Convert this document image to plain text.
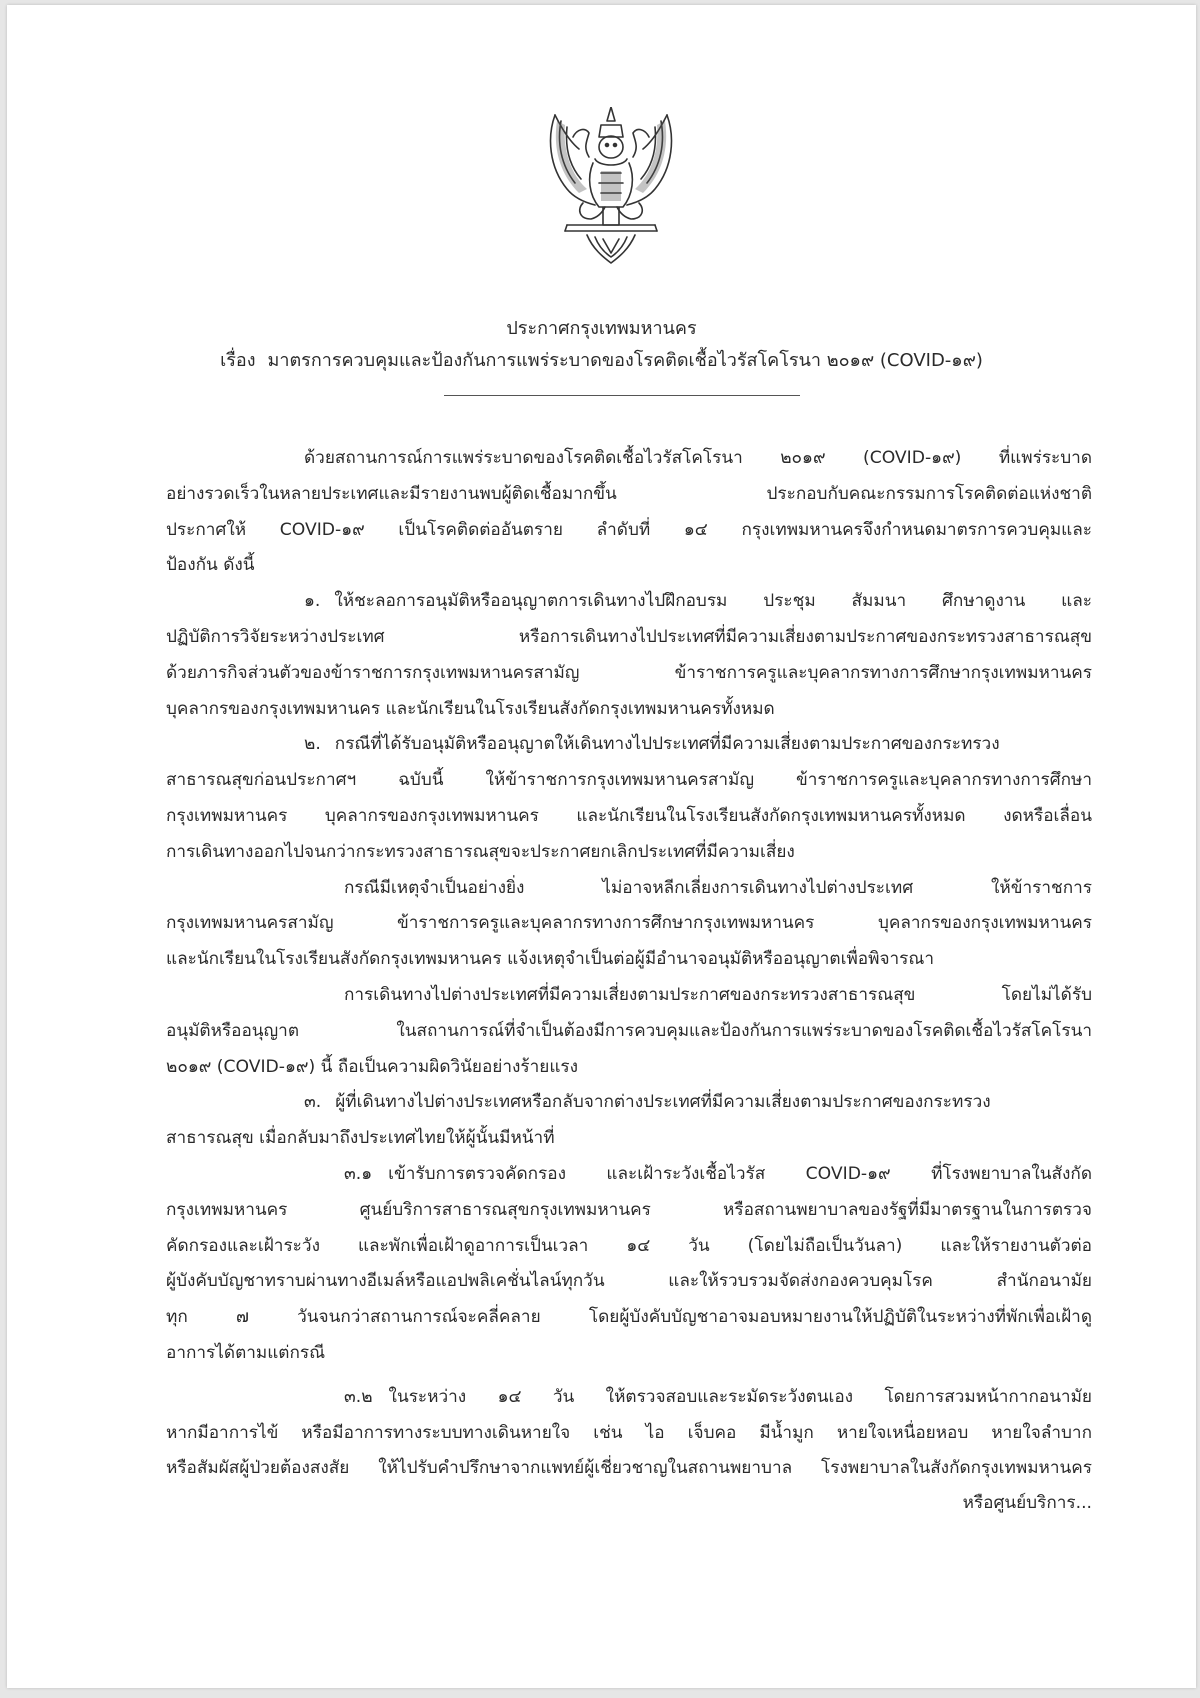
ประกาศกรุงเทพมหานคร
เรื่อง มาตรการควบคุมและป้องกันการแพร่ระบาดของโรคติดเชื้อไวรัสโคโรนา ๒๐๑๙ (COVID-๑๙)
ด้วยสถานการณ์การแพร่ระบาดของโรคติดเชื้อไวรัสโคโรนา ๒๐๑๙ (COVID-๑๙) ที่แพร่ระบาด
อย่างรวดเร็วในหลายประเทศและมีรายงานพบผู้ติดเชื้อมากขึ้น ประกอบกับคณะกรรมการโรคติดต่อแห่งชาติ
ประกาศให้ COVID-๑๙ เป็นโรคติดต่ออันตราย ลำดับที่ ๑๔ กรุงเทพมหานครจึงกำหนดมาตรการควบคุมและ
ป้องกัน ดังนี้
๑. ให้ชะลอการอนุมัติหรืออนุญาตการเดินทางไปฝึกอบรม ประชุม สัมมนา ศึกษาดูงาน และ
ปฏิบัติการวิจัยระหว่างประเทศ หรือการเดินทางไปประเทศที่มีความเสี่ยงตามประกาศของกระทรวงสาธารณสุข
ด้วยภารกิจส่วนตัวของข้าราชการกรุงเทพมหานครสามัญ ข้าราชการครูและบุคลากรทางการศึกษากรุงเทพมหานคร
บุคลากรของกรุงเทพมหานคร และนักเรียนในโรงเรียนสังกัดกรุงเทพมหานครทั้งหมด
๒. กรณีที่ได้รับอนุมัติหรืออนุญาตให้เดินทางไปประเทศที่มีความเสี่ยงตามประกาศของกระทรวง
สาธารณสุขก่อนประกาศฯ ฉบับนี้ ให้ข้าราชการกรุงเทพมหานครสามัญ ข้าราชการครูและบุคลากรทางการศึกษา
กรุงเทพมหานคร บุคลากรของกรุงเทพมหานคร และนักเรียนในโรงเรียนสังกัดกรุงเทพมหานครทั้งหมด งดหรือเลื่อน
การเดินทางออกไปจนกว่ากระทรวงสาธารณสุขจะประกาศยกเลิกประเทศที่มีความเสี่ยง
กรณีมีเหตุจำเป็นอย่างยิ่ง ไม่อาจหลีกเลี่ยงการเดินทางไปต่างประเทศ ให้ข้าราชการ
กรุงเทพมหานครสามัญ ข้าราชการครูและบุคลากรทางการศึกษากรุงเทพมหานคร บุคลากรของกรุงเทพมหานคร
และนักเรียนในโรงเรียนสังกัดกรุงเทพมหานคร แจ้งเหตุจำเป็นต่อผู้มีอำนาจอนุมัติหรืออนุญาตเพื่อพิจารณา
การเดินทางไปต่างประเทศที่มีความเสี่ยงตามประกาศของกระทรวงสาธารณสุข โดยไม่ได้รับ
อนุมัติหรืออนุญาต ในสถานการณ์ที่จำเป็นต้องมีการควบคุมและป้องกันการแพร่ระบาดของโรคติดเชื้อไวรัสโคโรนา
๒๐๑๙ (COVID-๑๙) นี้ ถือเป็นความผิดวินัยอย่างร้ายแรง
๓. ผู้ที่เดินทางไปต่างประเทศหรือกลับจากต่างประเทศที่มีความเสี่ยงตามประกาศของกระทรวง
สาธารณสุข เมื่อกลับมาถึงประเทศไทยให้ผู้นั้นมีหน้าที่
๓.๑ เข้ารับการตรวจคัดกรอง และเฝ้าระวังเชื้อไวรัส COVID-๑๙ ที่โรงพยาบาลในสังกัด
กรุงเทพมหานคร ศูนย์บริการสาธารณสุขกรุงเทพมหานคร หรือสถานพยาบาลของรัฐที่มีมาตรฐานในการตรวจ
คัดกรองและเฝ้าระวัง และพักเพื่อเฝ้าดูอาการเป็นเวลา ๑๔ วัน (โดยไม่ถือเป็นวันลา) และให้รายงานตัวต่อ
ผู้บังคับบัญชาทราบผ่านทางอีเมล์หรือแอปพลิเคชั่นไลน์ทุกวัน และให้รวบรวมจัดส่งกองควบคุมโรค สำนักอนามัย
ทุก ๗ วันจนกว่าสถานการณ์จะคลี่คลาย โดยผู้บังคับบัญชาอาจมอบหมายงานให้ปฏิบัติในระหว่างที่พักเพื่อเฝ้าดู
อาการได้ตามแต่กรณี
๓.๒ ในระหว่าง ๑๔ วัน ให้ตรวจสอบและระมัดระวังตนเอง โดยการสวมหน้ากากอนามัย
หากมีอาการไข้ หรือมีอาการทางระบบทางเดินหายใจ เช่น ไอ เจ็บคอ มีน้ำมูก หายใจเหนื่อยหอบ หายใจลำบาก
หรือสัมผัสผู้ป่วยต้องสงสัย ให้ไปรับคำปรึกษาจากแพทย์ผู้เชี่ยวชาญในสถานพยาบาล โรงพยาบาลในสังกัดกรุงเทพมหานคร
หรือศูนย์บริการ...
